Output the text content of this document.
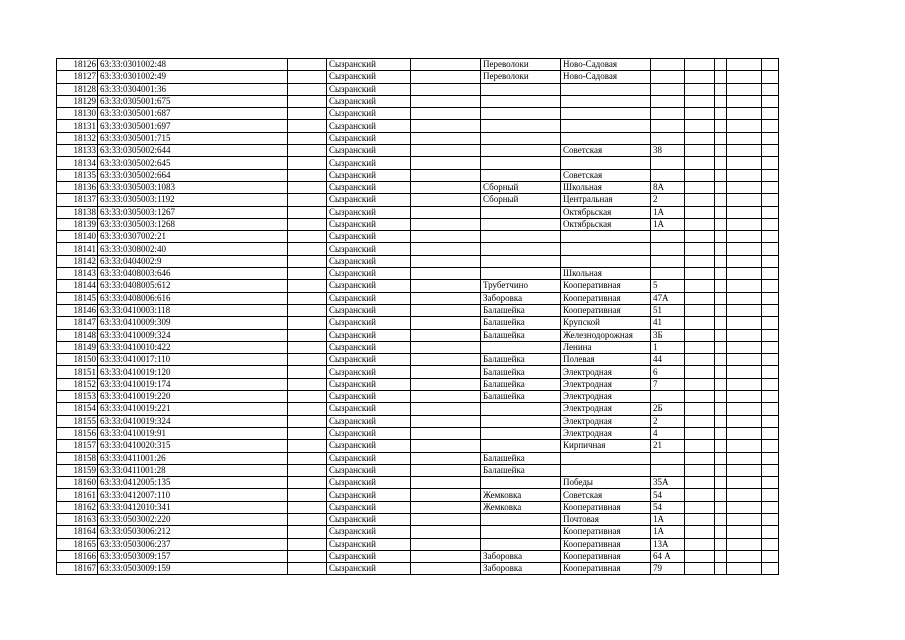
18126	63:33:0301002:48		Сызранский		Переволоки	Ново-Садовая					
18127	63:33:0301002:49		Сызранский		Переволоки	Ново-Садовая					
18128	63:33:0304001:36		Сызранский								
18129	63:33:0305001:675		Сызранский								
18130	63:33:0305001:687		Сызранский								
18131	63:33:0305001:697		Сызранский								
18132	63:33:0305001:715		Сызранский								
18133	63:33:0305002:644		Сызранский			Советская	38				
18134	63:33:0305002:645		Сызранский								
18135	63:33:0305002:664		Сызранский			Советская					
18136	63:33:0305003:1083		Сызранский		Сборный	Школьная	8А				
18137	63:33:0305003:1192		Сызранский		Сборный	Центральная	2				
18138	63:33:0305003:1267		Сызранский			Октябрьская	1А				
18139	63:33:0305003:1268		Сызранский			Октябрьская	1А				
18140	63:33:0307002:21		Сызранский								
18141	63:33:0308002:40		Сызранский								
18142	63:33:0404002:9		Сызранский								
18143	63:33:0408003:646		Сызранский			Школьная					
18144	63:33:0408005:612		Сызранский		Трубетчино	Кооперативная	5				
18145	63:33:0408006:616		Сызранский		Заборовка	Кооперативная	47А				
18146	63:33:0410003:118		Сызранский		Балашейка	Кооперативная	51				
18147	63:33:0410009:309		Сызранский		Балашейка	Крупской	41				
18148	63:33:0410009:324		Сызранский		Балашейка	Железнодорожная	3Б				
18149	63:33:0410010:422		Сызранский			Ленина	1				
18150	63:33:0410017:110		Сызранский		Балашейка	Полевая	44				
18151	63:33:0410019:120		Сызранский		Балашейка	Электродная	6				
18152	63:33:0410019:174		Сызранский		Балашейка	Электродная	7				
18153	63:33:0410019:220		Сызранский		Балашейка	Электродная					
18154	63:33:0410019:221		Сызранский			Электродная	2Б				
18155	63:33:0410019:324		Сызранский			Электродная	2				
18156	63:33:0410019:91		Сызранский			Электродная	4				
18157	63:33:0410020:315		Сызранский			Кирпичная	21				
18158	63:33:0411001:26		Сызранский		Балашейка						
18159	63:33:0411001:28		Сызранский		Балашейка						
18160	63:33:0412005:135		Сызранский			Победы	35А				
18161	63:33:0412007:110		Сызранский		Жемковка	Советская	54				
18162	63:33:0412010:341		Сызранский		Жемковка	Кооперативная	54				
18163	63:33:0503002:220		Сызранский			Почтовая	1А				
18164	63:33:0503006:212		Сызранский			Кооперативная	1А				
18165	63:33:0503006:237		Сызранский			Кооперативная	13А				
18166	63:33:0503009:157		Сызранский		Заборовка	Кооперативная	64 А				
18167	63:33:0503009:159		Сызранский		Заборовка	Кооперативная	79				
